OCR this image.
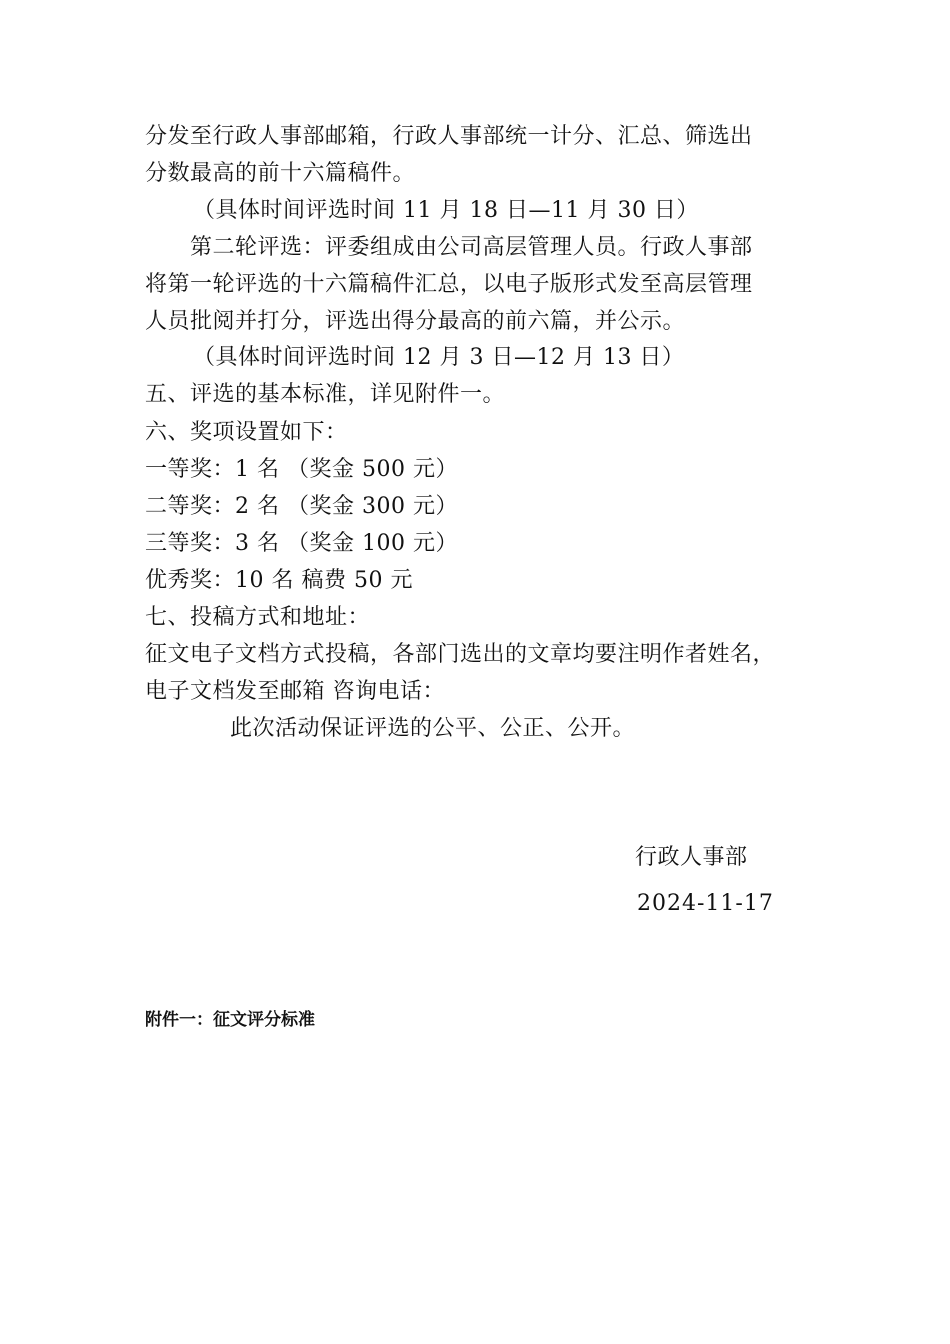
分发至行政人事部邮箱，行政人事部统一计分、汇总、筛选出
分数最高的前十六篇稿件。
（具体时间评选时间 11 月 18 日—11 月 30 日）
第二轮评选：评委组成由公司高层管理人员。行政人事部
将第一轮评选的十六篇稿件汇总，以电子版形式发至高层管理
人员批阅并打分，评选出得分最高的前六篇，并公示。
（具体时间评选时间 12 月 3 日—12 月 13 日）
五、评选的基本标准，详见附件一。
六、奖项设置如下：
一等奖：1 名 （奖金 500 元）
二等奖：2 名 （奖金 300 元）
三等奖：3 名 （奖金 100 元）
优秀奖：10 名 稿费 50 元
七、投稿方式和地址：
征文电子文档方式投稿，各部门选出的文章均要注明作者姓名，
电子文档发至邮箱 咨询电话：
此次活动保证评选的公平、公正、公开。
行政人事部
2024-11-17
附件一：征文评分标准
